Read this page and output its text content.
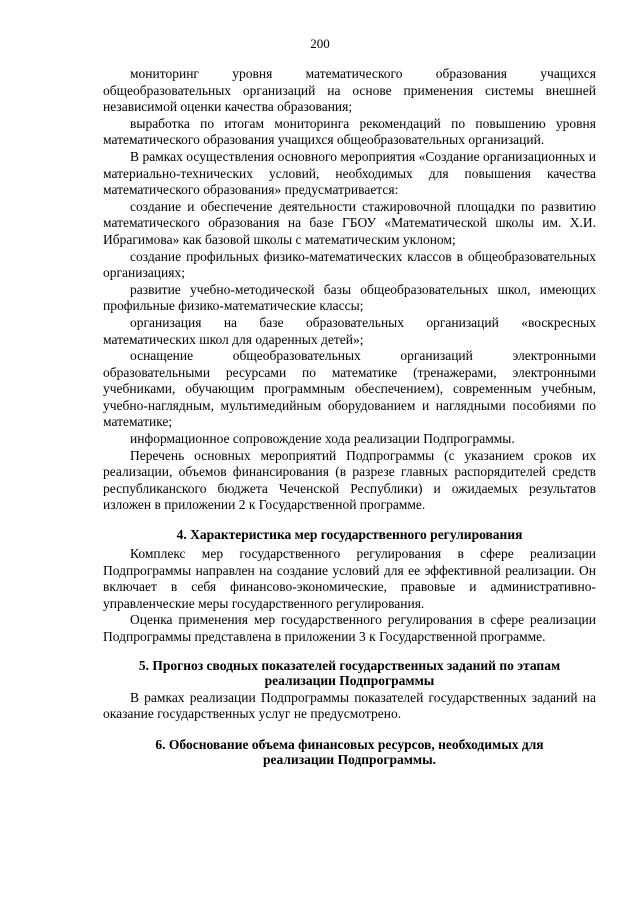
200

мониторинг уровня математического образования учащихся общеобразовательных организаций на основе применения системы внешней независимой оценки качества образования;

выработка по итогам мониторинга рекомендаций по повышению уровня математического образования учащихся общеобразовательных организаций.

В рамках осуществления основного мероприятия «Создание организационных и материально-технических условий, необходимых для повышения качества математического образования» предусматривается:

создание и обеспечение деятельности стажировочной площадки по развитию математического образования на базе ГБОУ «Математической школы им. Х.И. Ибрагимова» как базовой школы с математическим уклоном;

создание профильных физико-математических классов в общеобразовательных организациях;

развитие учебно-методической базы общеобразовательных школ, имеющих профильные физико-математические классы;

организация на базе образовательных организаций «воскресных математических школ для одаренных детей»;

оснащение общеобразовательных организаций электронными образовательными ресурсами по математике (тренажерами, электронными учебниками, обучающим программным обеспечением), современным учебным, учебно-наглядным, мультимедийным оборудованием и наглядными пособиями по математике;

информационное сопровождение хода реализации Подпрограммы.

Перечень основных мероприятий Подпрограммы (с указанием сроков их реализации, объемов финансирования (в разрезе главных распорядителей средств республиканского бюджета Чеченской Республики) и ожидаемых результатов изложен в приложении 2 к Государственной программе.

4. Характеристика мер государственного регулирования

Комплекс мер государственного регулирования в сфере реализации Подпрограммы направлен на создание условий для ее эффективной реализации. Он включает в себя финансово-экономические, правовые и административно-управленческие меры государственного регулирования.

Оценка применения мер государственного регулирования в сфере реализации Подпрограммы представлена в приложении 3 к Государственной программе.

5. Прогноз сводных показателей государственных заданий по этапам
реализации Подпрограммы

В рамках реализации Подпрограммы показателей государственных заданий на оказание государственных услуг не предусмотрено.

6. Обоснование объема финансовых ресурсов, необходимых для
реализации Подпрограммы.
